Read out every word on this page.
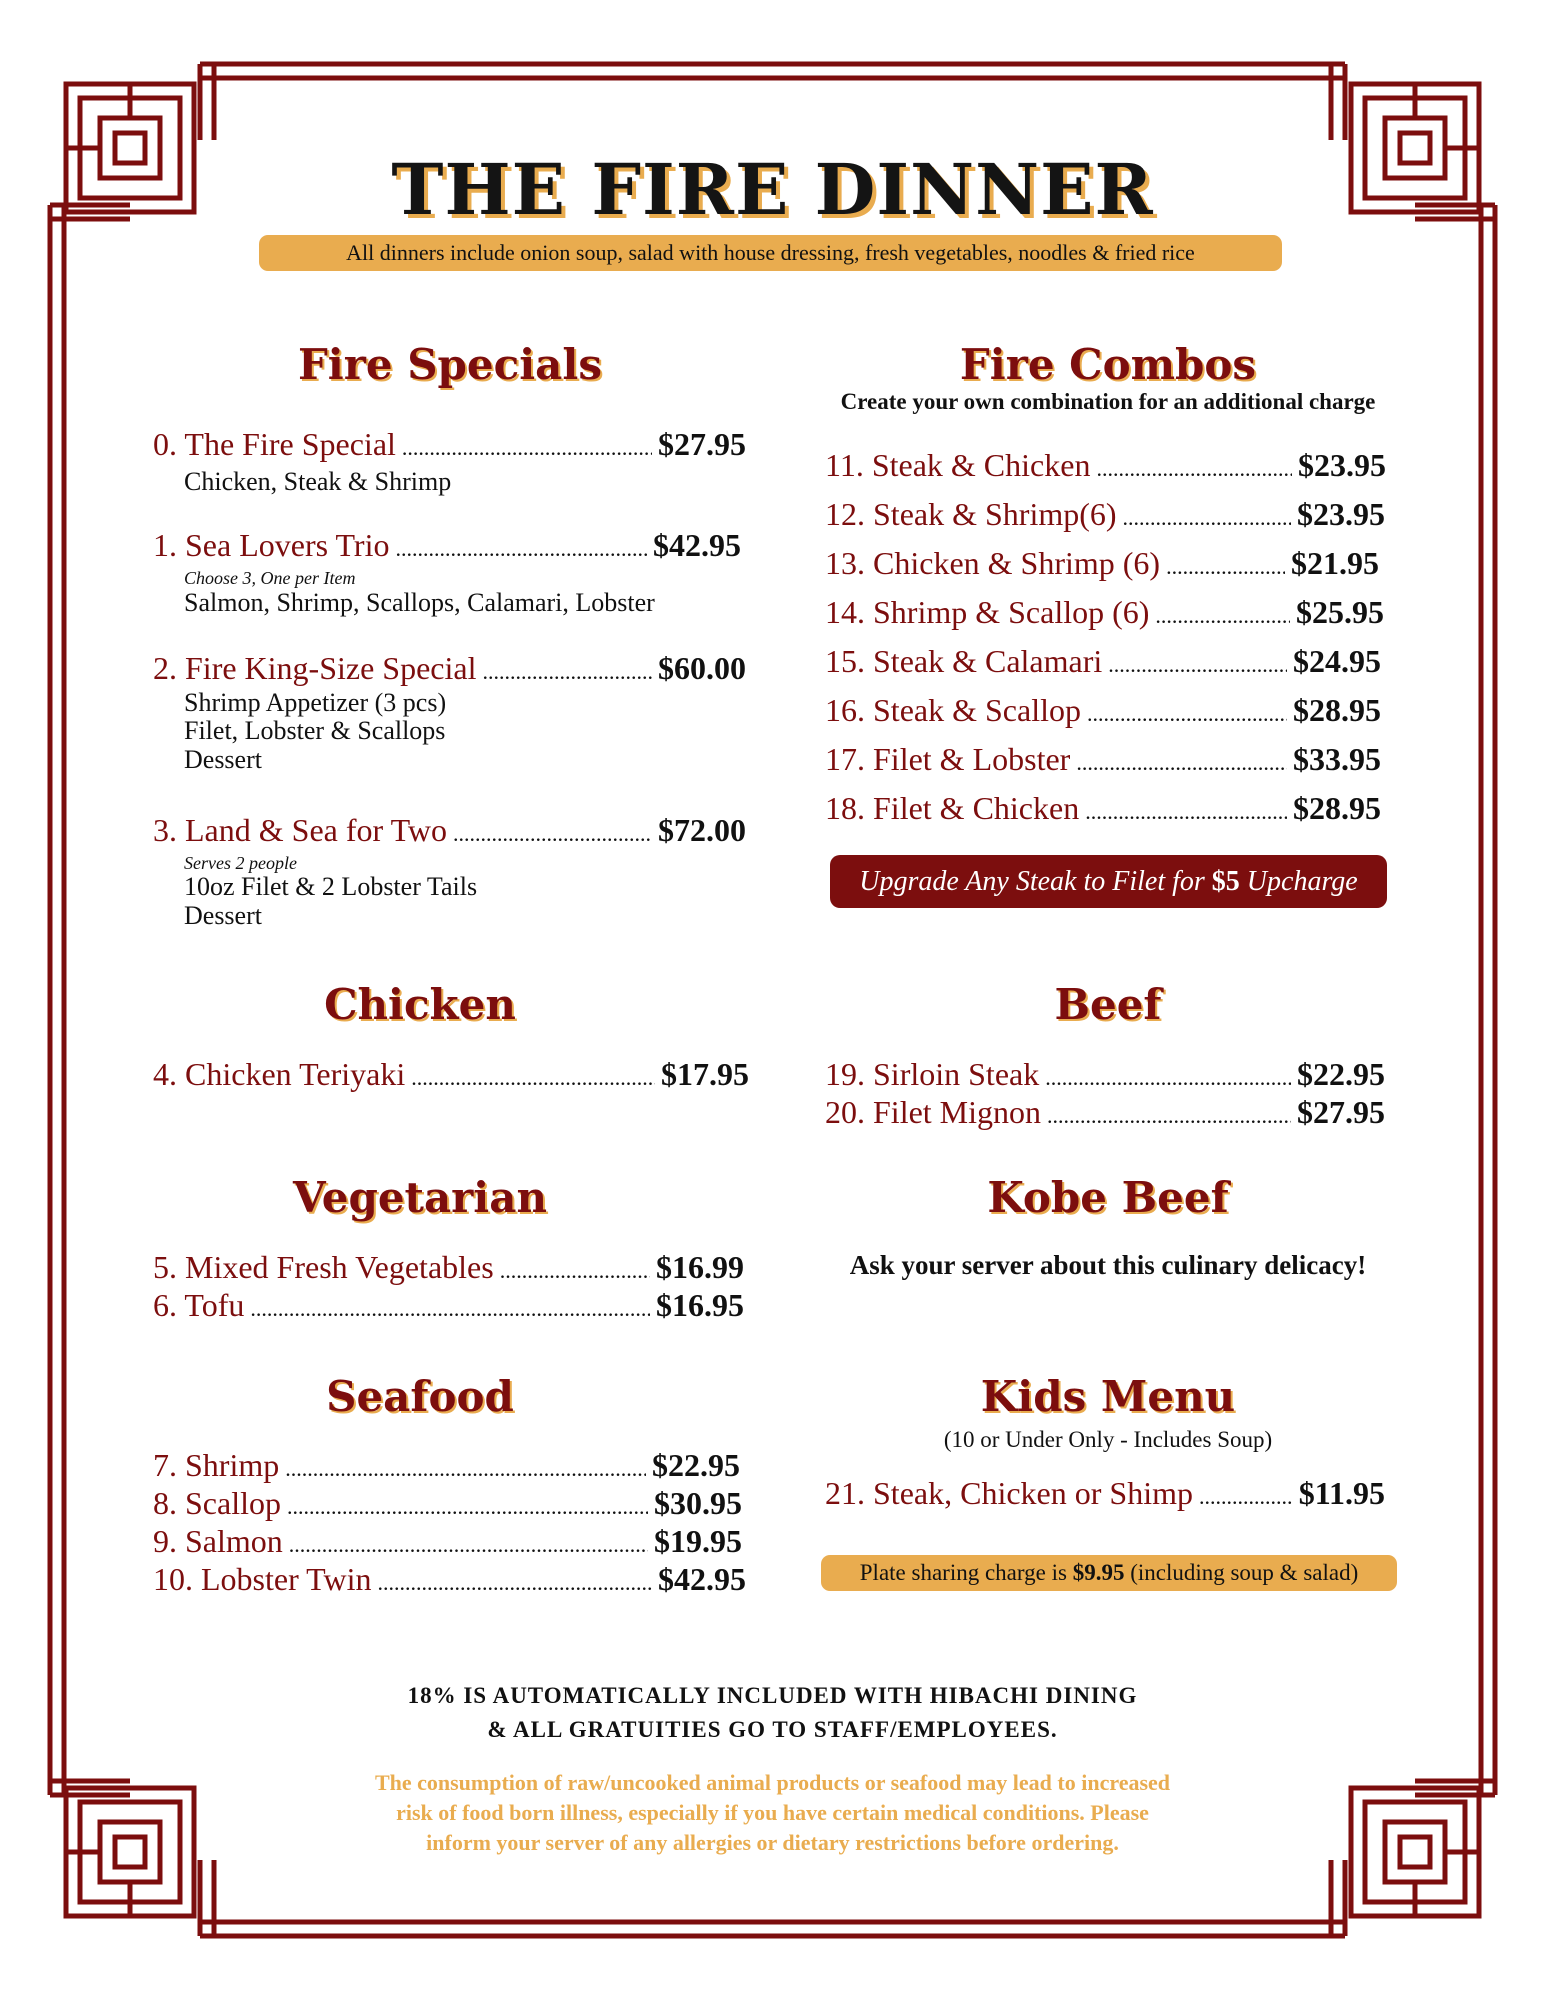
THE FIRE DINNER
All dinners include onion soup, salad with house dressing, fresh vegetables, noodles & fried rice
Fire Specials
0. The Fire Special .....	$27.95
Chicken, Steak & Shrimp
1. Sea Lovers Trio .....	$42.95
Choose 3, One per Item
Salmon, Shrimp, Scallops, Calamari, Lobster
2. Fire King-Size Special .....	$60.00
Shrimp Appetizer (3 pcs)
Filet, Lobster & Scallops
Dessert
3. Land & Sea for Two .....	$72.00
Serves 2 people
10oz Filet & 2 Lobster Tails
Dessert
Fire Combos
Create your own combination for an additional charge
11. Steak & Chicken .....	$23.95
12. Steak & Shrimp(6) .....	$23.95
13. Chicken & Shrimp (6) .....	$21.95
14. Shrimp & Scallop (6) .....	$25.95
15. Steak & Calamari .....	$24.95
16. Steak & Scallop .....	$28.95
17. Filet & Lobster .....	$33.95
18. Filet & Chicken .....	$28.95
Upgrade Any Steak to Filet for $5 Upcharge
Chicken
4. Chicken Teriyaki .....	$17.95
Beef
19. Sirloin Steak .....	$22.95
20. Filet Mignon .....	$27.95
Vegetarian
5. Mixed Fresh Vegetables .....	$16.99
6. Tofu .....	$16.95
Kobe Beef
Ask your server about this culinary delicacy!
Seafood
7. Shrimp .....	$22.95
8. Scallop .....	$30.95
9. Salmon .....	$19.95
10. Lobster Twin .....	$42.95
Kids Menu
(10 or Under Only - Includes Soup)
21. Steak, Chicken or Shimp .....	$11.95
Plate sharing charge is $9.95 (including soup & salad)
18% IS AUTOMATICALLY INCLUDED WITH HIBACHI DINING
& ALL GRATUITIES GO TO STAFF/EMPLOYEES.
The consumption of raw/uncooked animal products or seafood may lead to increased
risk of food born illness, especially if you have certain medical conditions. Please
inform your server of any allergies or dietary restrictions before ordering.
